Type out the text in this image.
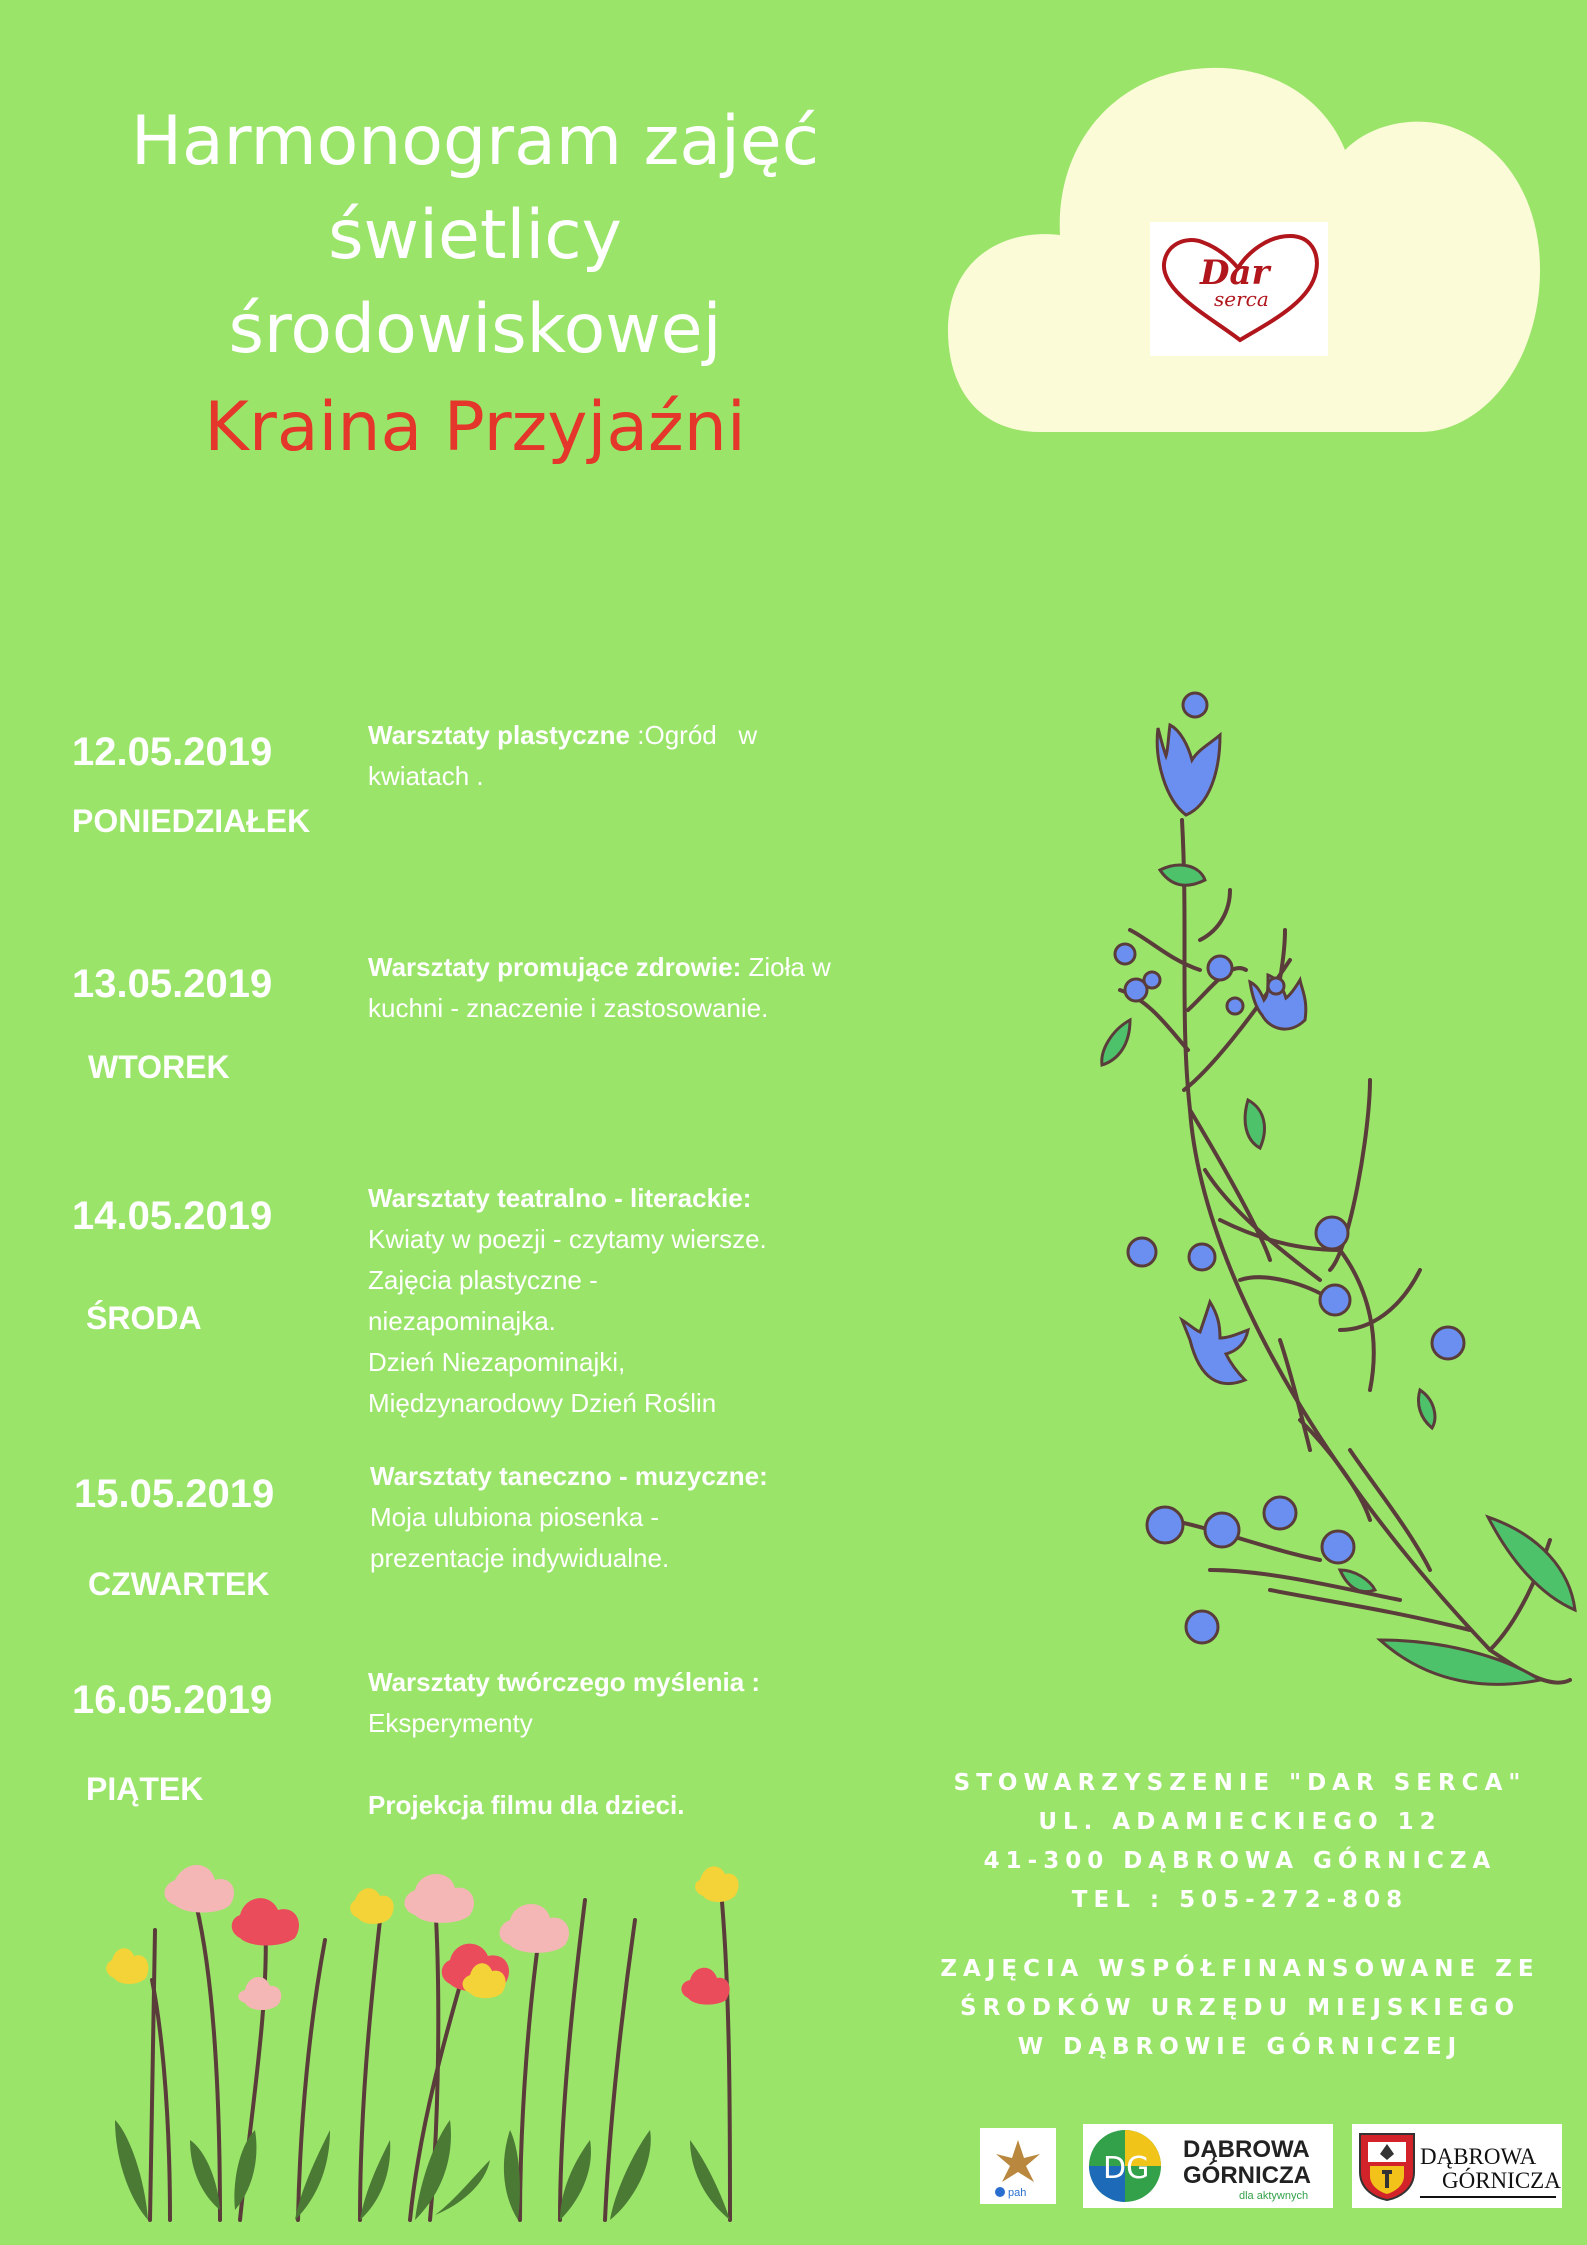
Harmonogram zajęć
świetlicy
środowiskowej
Kraina Przyjaźni
Dar
serca
12.05.2019
PONIEDZIAŁEK
Warsztaty plastyczne :Ogród   w kwiatach .
13.05.2019
WTOREK
Warsztaty promujące zdrowie: Zioła w kuchni - znaczenie i zastosowanie.
14.05.2019
ŚRODA
Warsztaty teatralno - literackie:
Kwiaty w poezji - czytamy wiersze.
Zajęcia plastyczne -
niezapominajka.
Dzień Niezapominajki,
Międzynarodowy Dzień Roślin
15.05.2019
CZWARTEK
Warsztaty taneczno - muzyczne:
Moja ulubiona piosenka -
prezentacje indywidualne.
16.05.2019
PIĄTEK
Warsztaty twórczego myślenia :
Eksperymenty
Projekcja filmu dla dzieci.
STOWARZYSZENIE "DAR SERCA"
UL. ADAMIECKIEGO 12
41-300 DĄBROWA GÓRNICZA
TEL : 505-272-808
ZAJĘCIA WSPÓŁFINANSOWANE ZE
ŚRODKÓW URZĘDU MIEJSKIEGO
W DĄBROWIE GÓRNICZEJ
pah
DG
DĄBROWA
GÓRNICZA
dla aktywnych
DĄBROWA
GÓRNICZA
